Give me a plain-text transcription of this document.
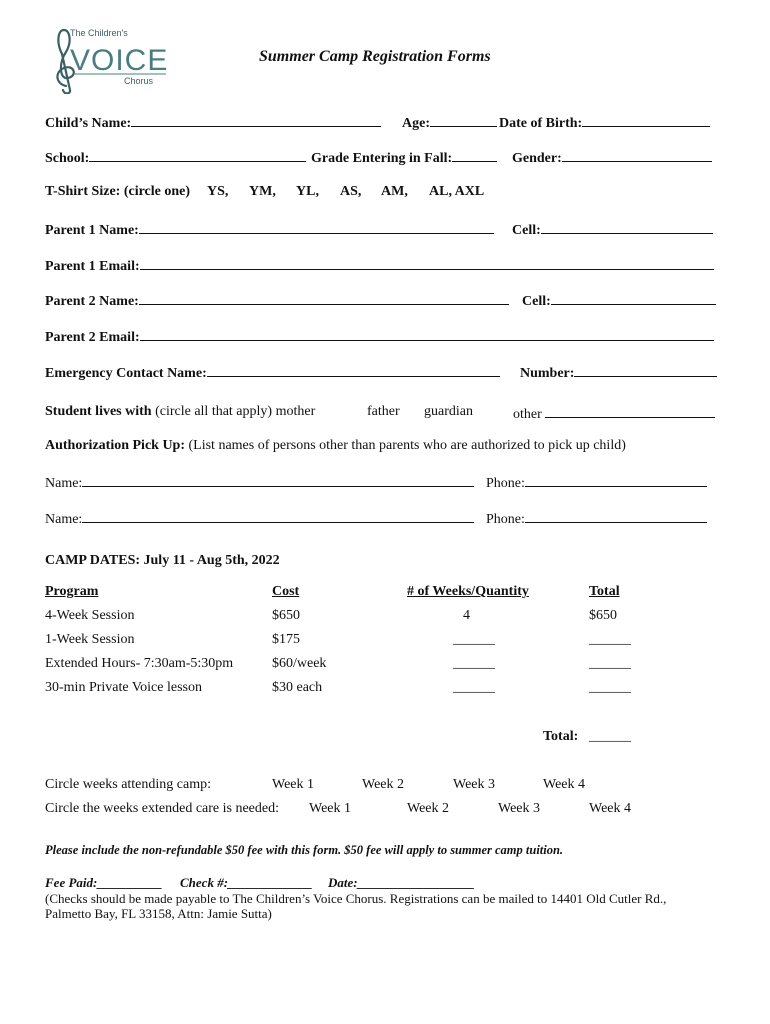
The Children's
VOICE
Chorus
Summer Camp Registration Forms
Child’s Name:	Age:	Date of Birth:
School:	Grade Entering in Fall:	Gender:
T-Shirt Size: (circle one) YS, YM, YL, AS, AM, AL, AXL
Parent 1 Name:	Cell:
Parent 1 Email:
Parent 2 Name:	Cell:
Parent 2 Email:
Emergency Contact Name:	Number:
Student lives with (circle all that apply) mother	father guardian	other
Authorization Pick Up: (List names of persons other than parents who are authorized to pick up child)
Name:	Phone:
Name:	Phone:
CAMP DATES: July 11 - Aug 5th, 2022
Program	Cost	# of Weeks/Quantity	Total
4-Week Session	$650	4	$650
1-Week Session	$175	______	______
Extended Hours- 7:30am-5:30pm	$60/week	______	______
30-min Private Voice lesson	$30 each	______	______
Total: ______
Circle weeks attending camp:	Week 1	Week 2	Week 3	Week 4
Circle the weeks extended care is needed: Week 1	Week 2	Week 3	Week 4
Please include the non-refundable $50 fee with this form. $50 fee will apply to summer camp tuition.
Fee Paid:__________ Check #:_____________ Date:__________________
(Checks should be made payable to The Children’s Voice Chorus. Registrations can be mailed to 14401 Old Cutler Rd.,
Palmetto Bay, FL 33158, Attn: Jamie Sutta)
